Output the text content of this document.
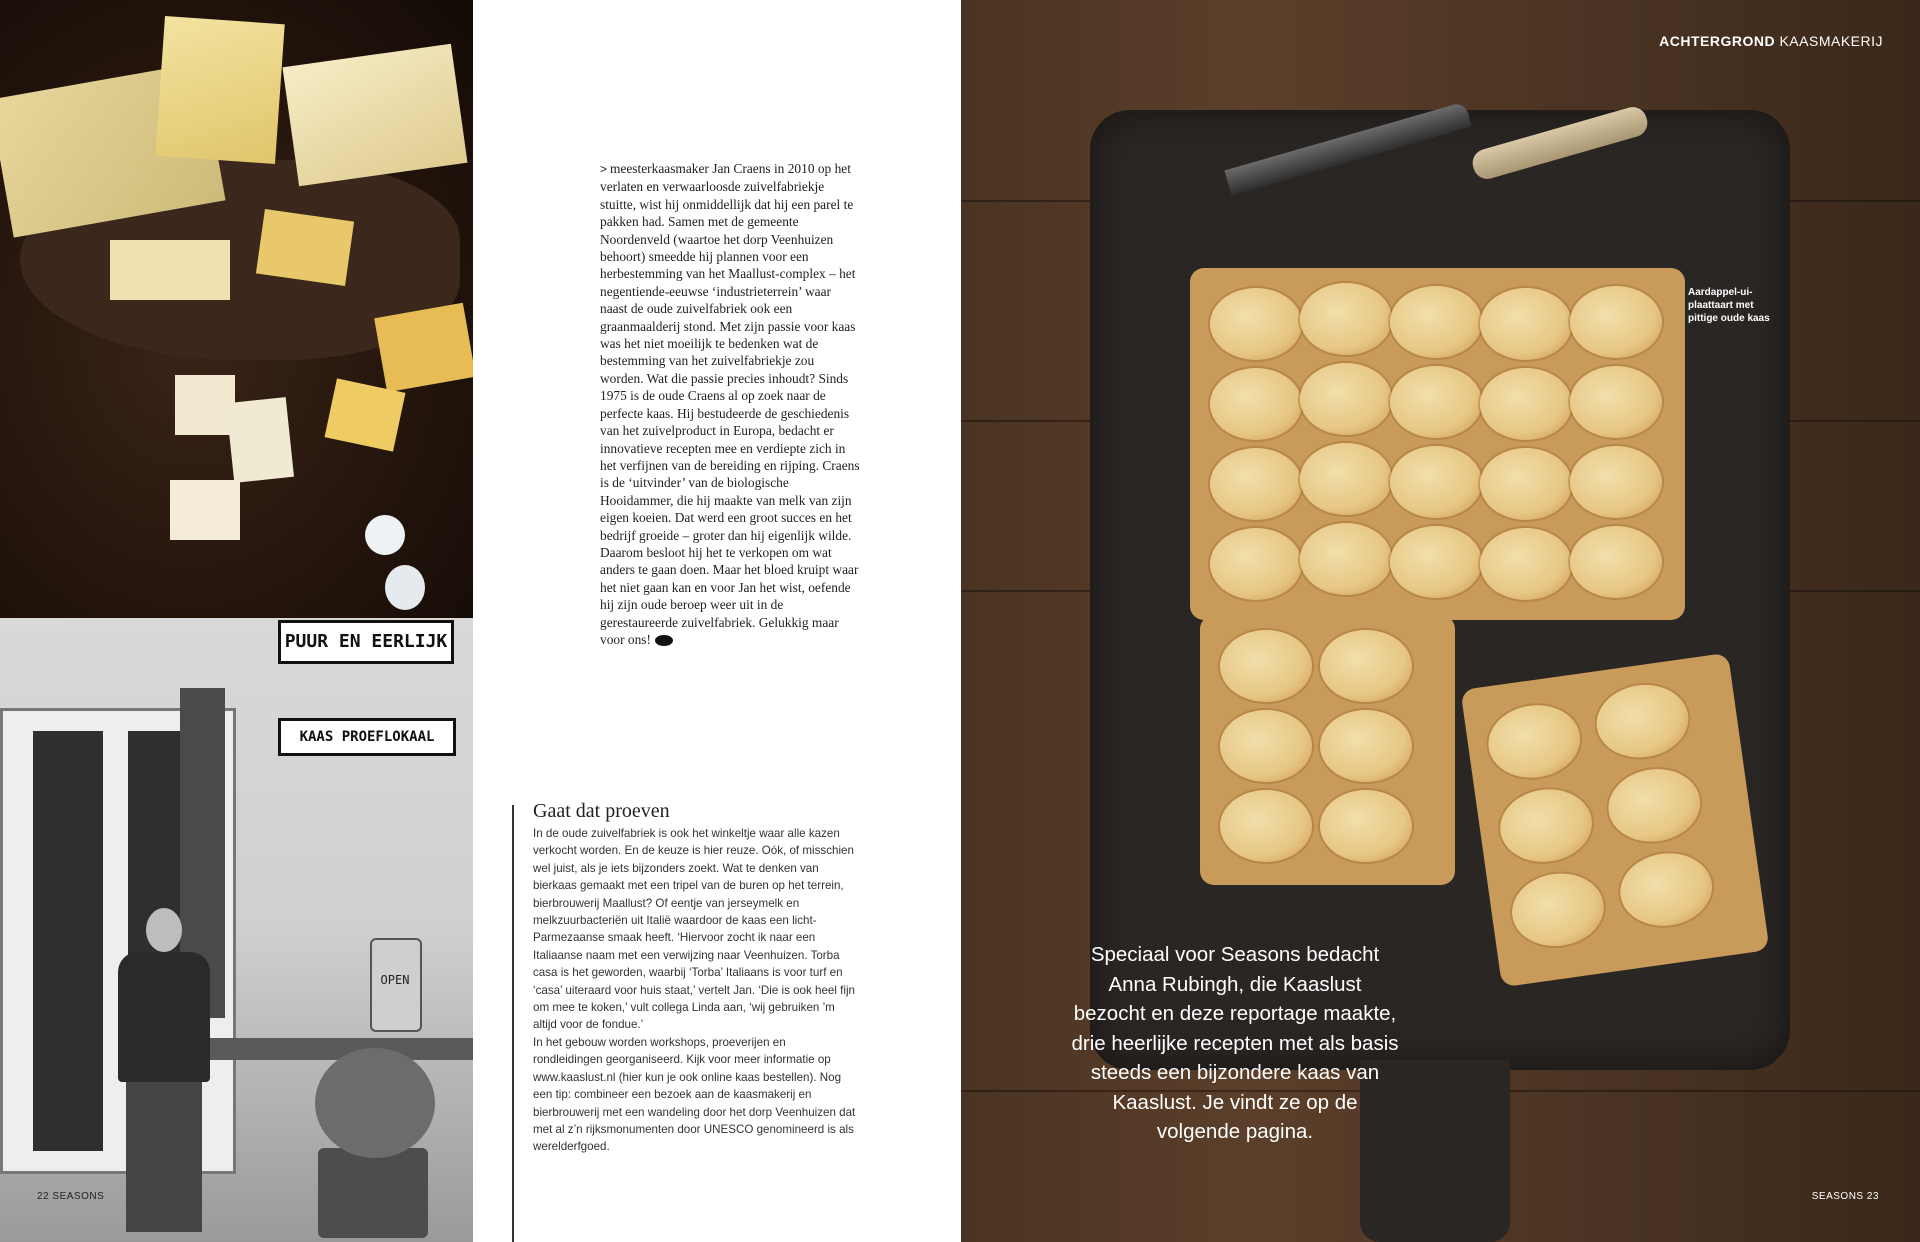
PUUR EN EERLIJK
KAAS PROEFLOKAAL
OPEN

> meesterkaasmaker Jan Craens in 2010 op het verlaten en verwaarloosde zuivelfabriekje stuitte, wist hij onmiddellijk dat hij een parel te pakken had. Samen met de gemeente Noordenveld (waartoe het dorp Veenhuizen behoort) smeedde hij plannen voor een herbestemming van het Maallust-complex – het negentiende-eeuwse ‘industrieterrein’ waar naast de oude zuivelfabriek ook een graanmaalderij stond. Met zijn passie voor kaas was het niet moeilijk te bedenken wat de bestemming van het zuivelfabriekje zou worden. Wat die passie precies inhoudt? Sinds 1975 is de oude Craens al op zoek naar de perfecte kaas. Hij bestudeerde de geschiedenis van het zuivelproduct in Europa, bedacht er innovatieve recepten mee en verdiepte zich in het verfijnen van de bereiding en rijping. Craens is de ‘uitvinder’ van de biologische Hooidammer, die hij maakte van melk van zijn eigen koeien. Dat werd een groot succes en het bedrijf groeide – groter dan hij eigenlijk wilde. Daarom besloot hij het te verkopen om wat anders te gaan doen. Maar het bloed kruipt waar het niet gaan kan en voor Jan het wist, oefende hij zijn oude beroep weer uit in de gerestaureerde zuivelfabriek. Gelukkig maar voor ons!

Gaat dat proeven

In de oude zuivelfabriek is ook het winkeltje waar alle kazen verkocht worden. En de keuze is hier reuze. Oók, of misschien wel juist, als je iets bijzonders zoekt. Wat te denken van bierkaas gemaakt met een tripel van de buren op het terrein, bierbrouwerij Maallust? Of eentje van jerseymelk en melkzuurbacteriën uit Italië waardoor de kaas een licht-Parmezaanse smaak heeft. ‘Hiervoor zocht ik naar een Italiaanse naam met een verwijzing naar Veenhuizen. Torba casa is het geworden, waarbij ‘Torba’ Italiaans is voor turf en ‘casa’ uiteraard voor huis staat,’ vertelt Jan. ‘Die is ook heel fijn om mee te koken,’ vult collega Linda aan, ‘wij gebruiken ’m altijd voor de fondue.’

In het gebouw worden workshops, proeverijen en rondleidingen georganiseerd. Kijk voor meer informatie op www.kaaslust.nl (hier kun je ook online kaas bestellen). Nog een tip: combineer een bezoek aan de kaasmakerij en bierbrouwerij met een wandeling door het dorp Veenhuizen dat met al z’n rijksmonumenten door UNESCO genomineerd is als werelderfgoed.

ACHTERGROND KAASMAKERIJ
Aardappel-ui-plaattaart met pittige oude kaas
Speciaal voor Seasons bedacht Anna Rubingh, die Kaaslust bezocht en deze reportage maakte, drie heerlijke recepten met als basis steeds een bijzondere kaas van Kaaslust. Je vindt ze op de volgende pagina.
22 SEASONS	SEASONS 23
